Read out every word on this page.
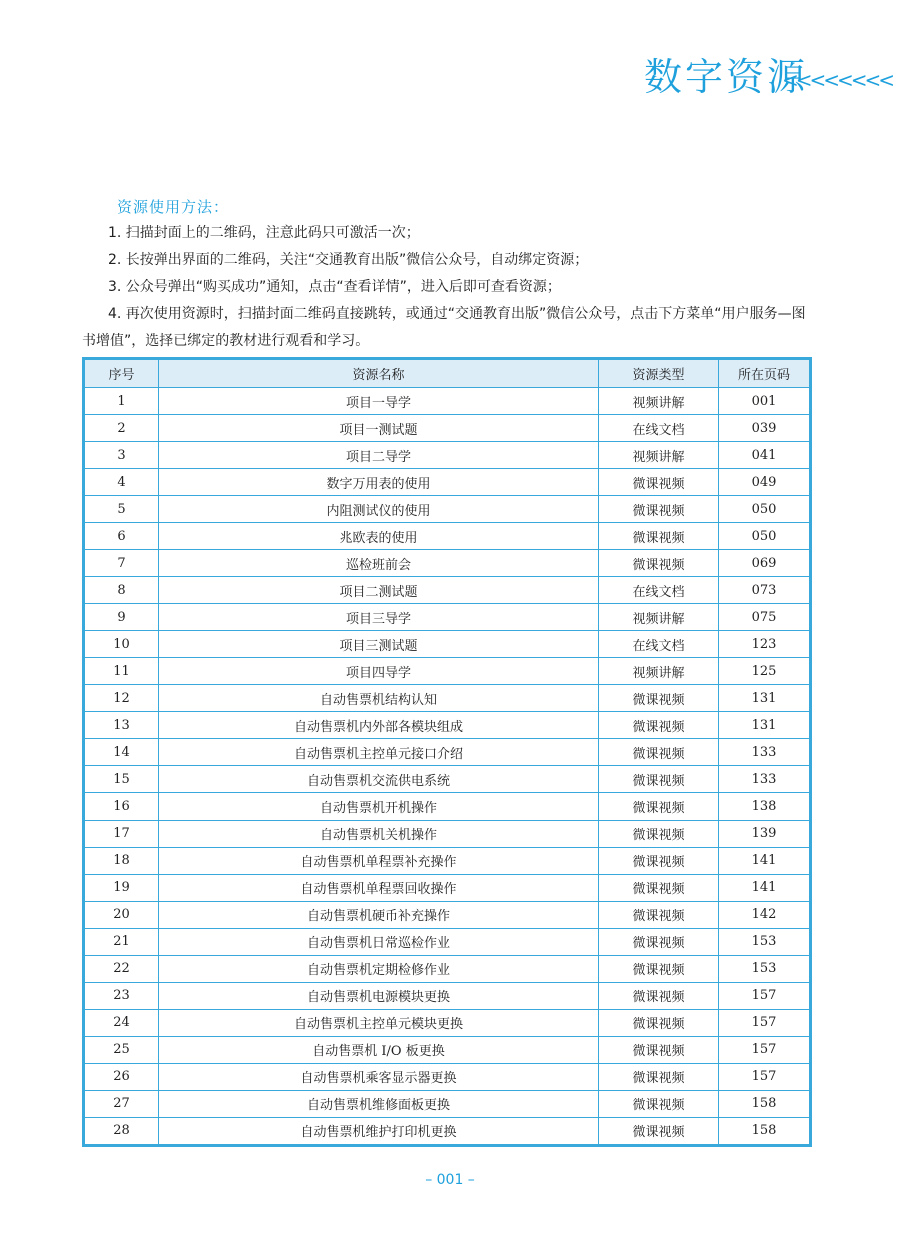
数字资源
<<<<<<<<
资源使用方法：

1. 扫描封面上的二维码，注意此码只可激活一次；

2. 长按弹出界面的二维码，关注“交通教育出版”微信公众号，自动绑定资源；

3. 公众号弹出“购买成功”通知，点击“查看详情”，进入后即可查看资源；

4. 再次使用资源时，扫描封面二维码直接跳转，或通过“交通教育出版”微信公众号，点击下方菜单“用户服务—图书增值”，选择已绑定的教材进行观看和学习。

序号	资源名称	资源类型	所在页码
1	项目一导学	视频讲解	001
2	项目一测试题	在线文档	039
3	项目二导学	视频讲解	041
4	数字万用表的使用	微课视频	049
5	内阻测试仪的使用	微课视频	050
6	兆欧表的使用	微课视频	050
7	巡检班前会	微课视频	069
8	项目二测试题	在线文档	073
9	项目三导学	视频讲解	075
10	项目三测试题	在线文档	123
11	项目四导学	视频讲解	125
12	自动售票机结构认知	微课视频	131
13	自动售票机内外部各模块组成	微课视频	131
14	自动售票机主控单元接口介绍	微课视频	133
15	自动售票机交流供电系统	微课视频	133
16	自动售票机开机操作	微课视频	138
17	自动售票机关机操作	微课视频	139
18	自动售票机单程票补充操作	微课视频	141
19	自动售票机单程票回收操作	微课视频	141
20	自动售票机硬币补充操作	微课视频	142
21	自动售票机日常巡检作业	微课视频	153
22	自动售票机定期检修作业	微课视频	153
23	自动售票机电源模块更换	微课视频	157
24	自动售票机主控单元模块更换	微课视频	157
25	自动售票机 I/O 板更换	微课视频	157
26	自动售票机乘客显示器更换	微课视频	157
27	自动售票机维修面板更换	微课视频	158
28	自动售票机维护打印机更换	微课视频	158
– 001 –
